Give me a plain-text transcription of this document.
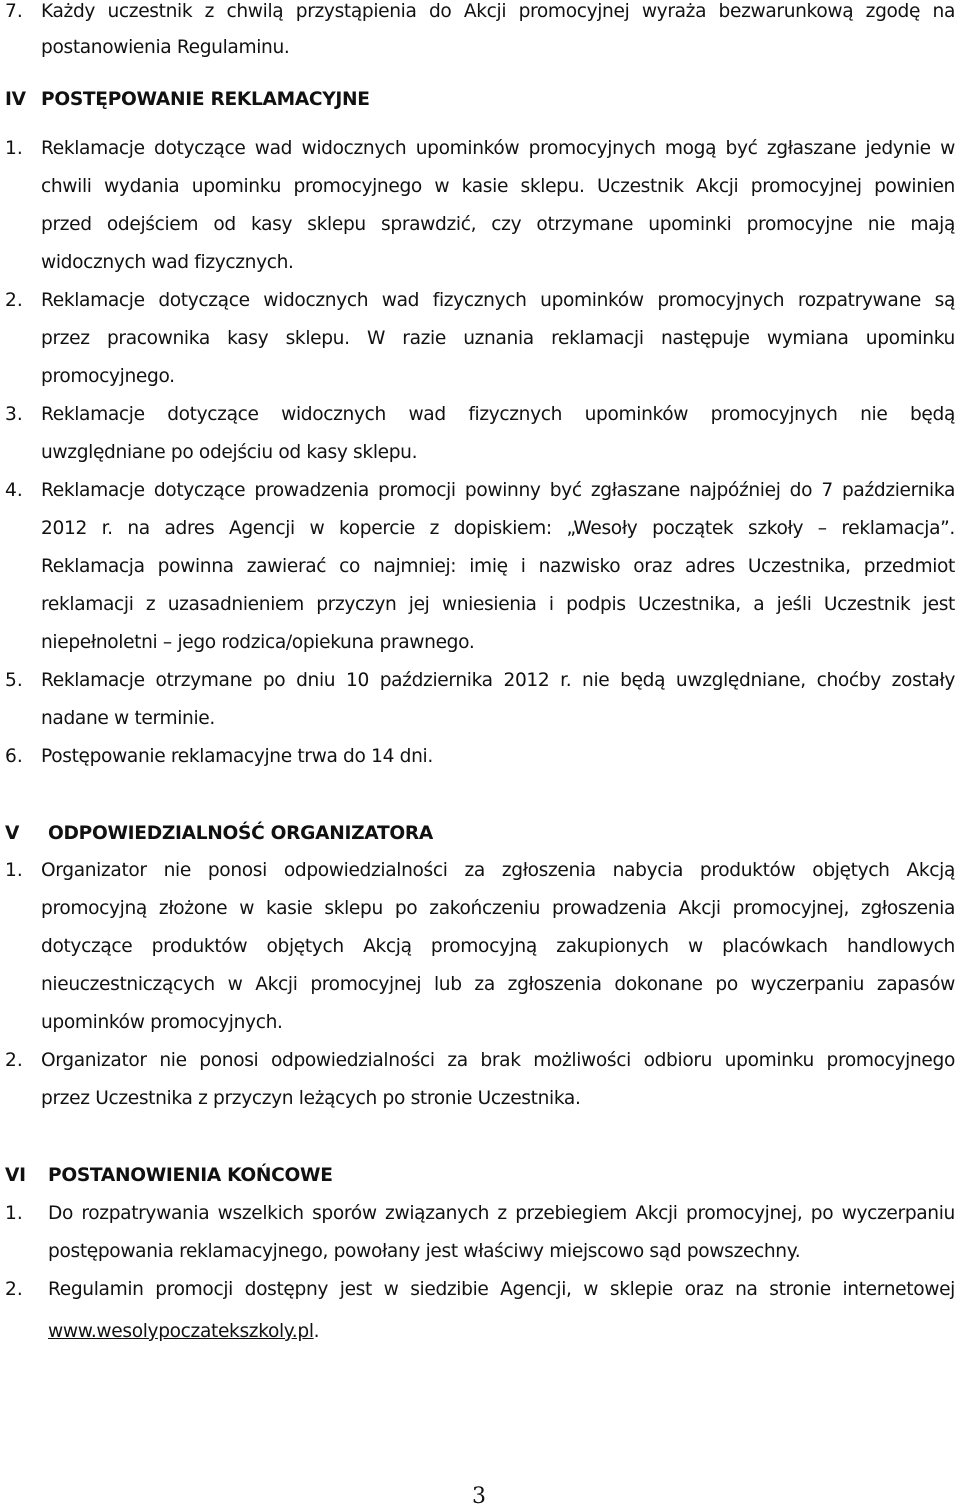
7. Każdy uczestnik z chwilą przystąpienia do Akcji promocyjnej wyraża bezwarunkową zgodę na
postanowienia Regulaminu.
IV POSTĘPOWANIE REKLAMACYJNE
1. Reklamacje dotyczące wad widocznych upominków promocyjnych mogą być zgłaszane jedynie w
chwili wydania upominku promocyjnego w kasie sklepu. Uczestnik Akcji promocyjnej powinien
przed odejściem od kasy sklepu sprawdzić, czy otrzymane upominki promocyjne nie mają
widocznych wad fizycznych.
2. Reklamacje dotyczące widocznych wad fizycznych upominków promocyjnych rozpatrywane są
przez pracownika kasy sklepu. W razie uznania reklamacji następuje wymiana upominku
promocyjnego.
3. Reklamacje dotyczące widocznych wad fizycznych upominków promocyjnych nie będą
uwzględniane po odejściu od kasy sklepu.
4. Reklamacje dotyczące prowadzenia promocji powinny być zgłaszane najpóźniej do 7 października
2012 r. na adres Agencji w kopercie z dopiskiem: „Wesoły początek szkoły – reklamacja”.
Reklamacja powinna zawierać co najmniej: imię i nazwisko oraz adres Uczestnika, przedmiot
reklamacji z uzasadnieniem przyczyn jej wniesienia i podpis Uczestnika, a jeśli Uczestnik jest
niepełnoletni – jego rodzica/opiekuna prawnego.
5. Reklamacje otrzymane po dniu 10 października 2012 r. nie będą uwzględniane, choćby zostały
nadane w terminie.
6. Postępowanie reklamacyjne trwa do 14 dni.
V ODPOWIEDZIALNOŚĆ ORGANIZATORA
1. Organizator nie ponosi odpowiedzialności za zgłoszenia nabycia produktów objętych Akcją
promocyjną złożone w kasie sklepu po zakończeniu prowadzenia Akcji promocyjnej, zgłoszenia
dotyczące produktów objętych Akcją promocyjną zakupionych w placówkach handlowych
nieuczestniczących w Akcji promocyjnej lub za zgłoszenia dokonane po wyczerpaniu zapasów
upominków promocyjnych.
2. Organizator nie ponosi odpowiedzialności za brak możliwości odbioru upominku promocyjnego
przez Uczestnika z przyczyn leżących po stronie Uczestnika.
VI POSTANOWIENIA KOŃCOWE
1. Do rozpatrywania wszelkich sporów związanych z przebiegiem Akcji promocyjnej, po wyczerpaniu
postępowania reklamacyjnego, powołany jest właściwy miejscowo sąd powszechny.
2. Regulamin promocji dostępny jest w siedzibie Agencji, w sklepie oraz na stronie internetowej
www.wesolypoczatekszkoly.pl.
3
